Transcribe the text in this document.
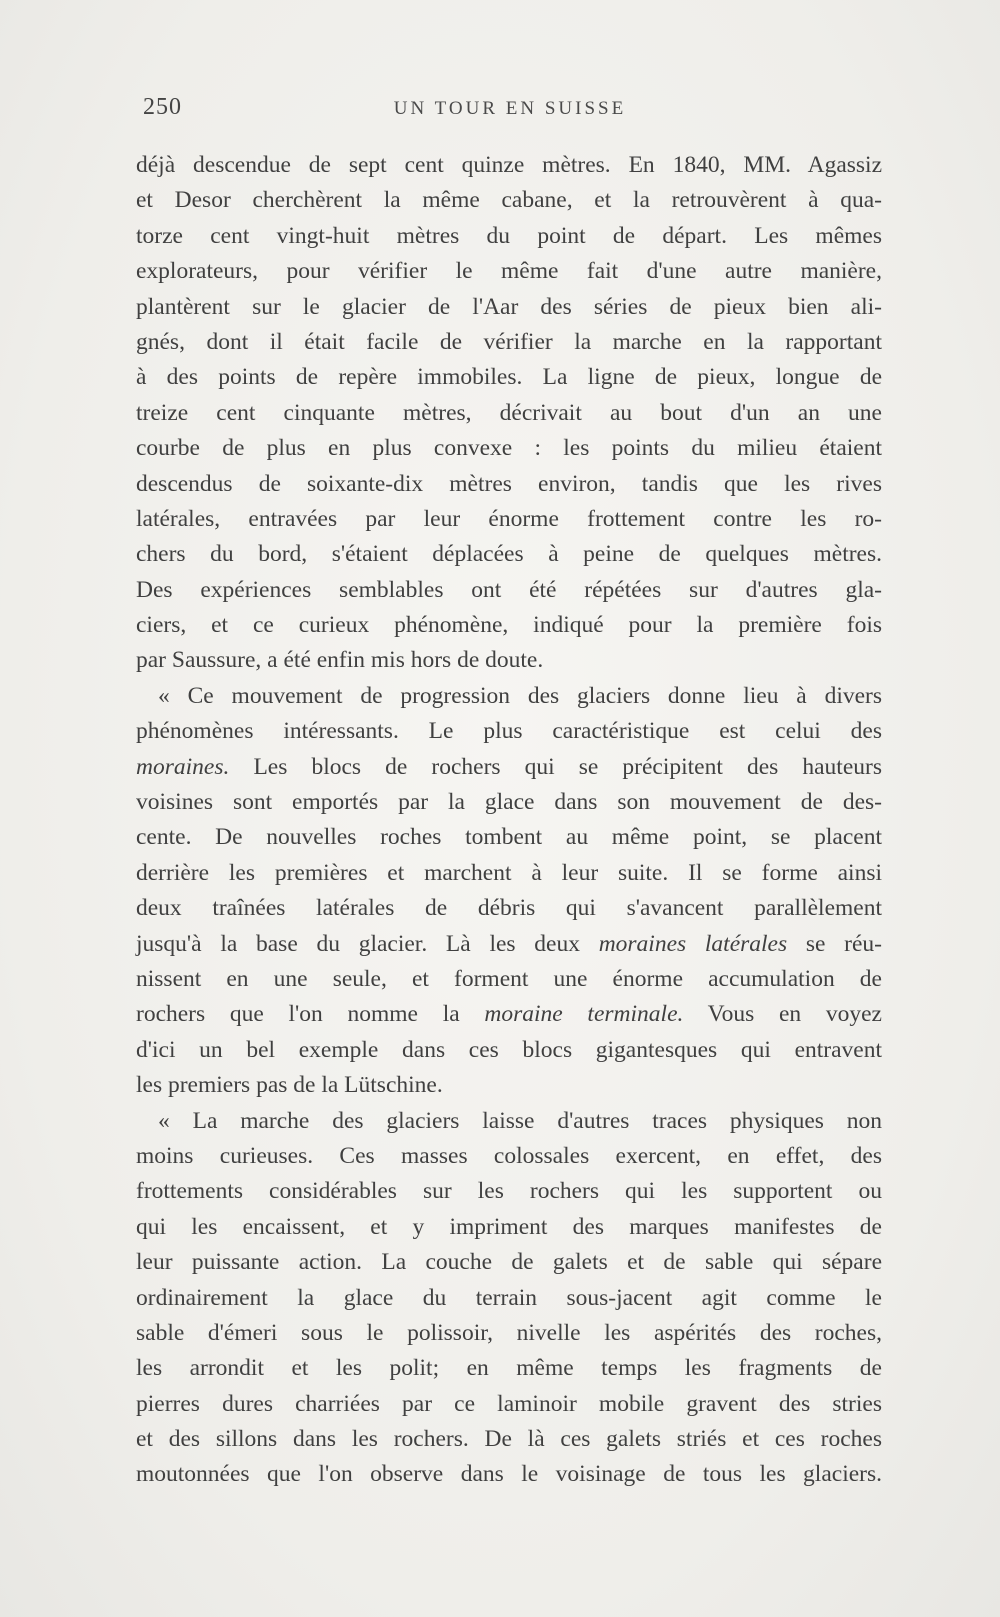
250	UN TOUR EN SUISSE
déjà descendue de sept cent quinze mètres. En 1840, MM. Agassiz
et Desor cherchèrent la même cabane, et la retrouvèrent à qua-
torze cent vingt-huit mètres du point de départ. Les mêmes
explorateurs, pour vérifier le même fait d'une autre manière,
plantèrent sur le glacier de l'Aar des séries de pieux bien ali-
gnés, dont il était facile de vérifier la marche en la rapportant
à des points de repère immobiles. La ligne de pieux, longue de
treize cent cinquante mètres, décrivait au bout d'un an une
courbe de plus en plus convexe : les points du milieu étaient
descendus de soixante-dix mètres environ, tandis que les rives
latérales, entravées par leur énorme frottement contre les ro-
chers du bord, s'étaient déplacées à peine de quelques mètres.
Des expériences semblables ont été répétées sur d'autres gla-
ciers, et ce curieux phénomène, indiqué pour la première fois
par Saussure, a été enfin mis hors de doute.
« Ce mouvement de progression des glaciers donne lieu à divers
phénomènes intéressants. Le plus caractéristique est celui des
moraines. Les blocs de rochers qui se précipitent des hauteurs
voisines sont emportés par la glace dans son mouvement de des-
cente. De nouvelles roches tombent au même point, se placent
derrière les premières et marchent à leur suite. Il se forme ainsi
deux traînées latérales de débris qui s'avancent parallèlement
jusqu'à la base du glacier. Là les deux moraines latérales se réu-
nissent en une seule, et forment une énorme accumulation de
rochers que l'on nomme la moraine terminale. Vous en voyez
d'ici un bel exemple dans ces blocs gigantesques qui entravent
les premiers pas de la Lütschine.
« La marche des glaciers laisse d'autres traces physiques non
moins curieuses. Ces masses colossales exercent, en effet, des
frottements considérables sur les rochers qui les supportent ou
qui les encaissent, et y impriment des marques manifestes de
leur puissante action. La couche de galets et de sable qui sépare
ordinairement la glace du terrain sous-jacent agit comme le
sable d'émeri sous le polissoir, nivelle les aspérités des roches,
les arrondit et les polit; en même temps les fragments de
pierres dures charriées par ce laminoir mobile gravent des stries
et des sillons dans les rochers. De là ces galets striés et ces roches
moutonnées que l'on observe dans le voisinage de tous les glaciers.
